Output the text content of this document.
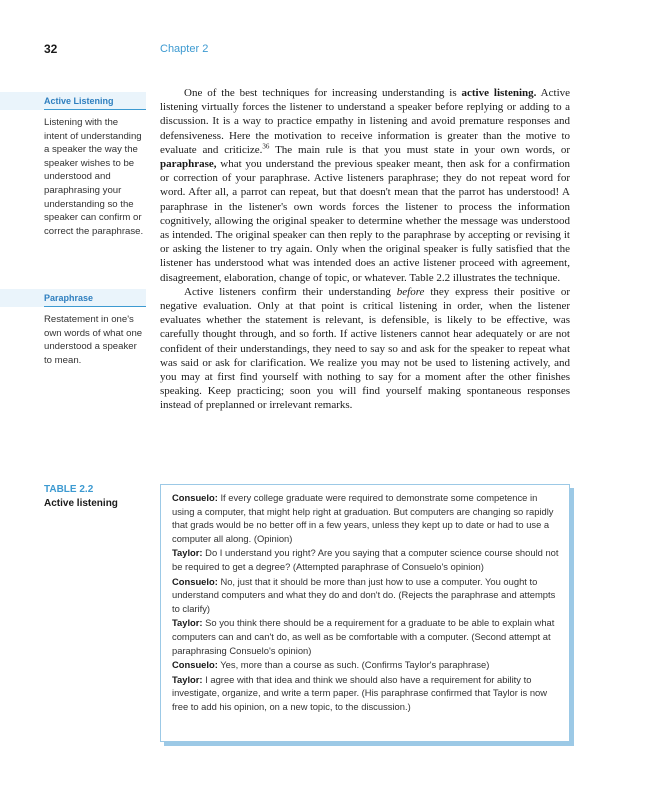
32	Chapter 2
Active Listening
Listening with the intent of understanding a speaker the way the speaker wishes to be understood and paraphrasing your understanding so the speaker can confirm or correct the paraphrase.
Paraphrase
Restatement in one's own words of what one understood a speaker to mean.

One of the best techniques for increasing understanding is active listening. Active listening virtually forces the listener to understand a speaker before replying or adding to a discussion. It is a way to practice empathy in listening and avoid premature responses and defensiveness. Here the motivation to receive information is greater than the motive to evaluate and criticize.$^{36}$ The main rule is that you must state in your own words, or paraphrase, what you understand the previous speaker meant, then ask for a confirmation or correction of your paraphrase. Active listeners paraphrase; they do not repeat word for word. After all, a parrot can repeat, but that doesn't mean that the parrot has understood! A paraphrase in the listener's own words forces the listener to process the information cognitively, allowing the original speaker to determine whether the message was understood as intended. The original speaker can then reply to the paraphrase by accepting or revising it or asking the listener to try again. Only when the original speaker is fully satisfied that the listener has understood what was intended does an active listener proceed with agreement, disagreement, elaboration, change of topic, or whatever. Table 2.2 illustrates the technique.

Active listeners confirm their understanding before they express their positive or negative evaluation. Only at that point is critical listening in order, when the listener evaluates whether the statement is relevant, is defensible, is likely to be effective, was carefully thought through, and so forth. If active listeners cannot hear adequately or are not confident of their understandings, they need to say so and ask for the speaker to repeat what was said or ask for clarification. We realize you may not be used to listening actively, and you may at first find yourself with nothing to say for a moment after the other finishes speaking. Keep practicing; soon you will find yourself making spontaneous responses instead of preplanned or irrelevant remarks.

TABLE 2.2
Active listening
Consuelo: If every college graduate were required to demonstrate some competence in using a computer, that might help right at graduation. But computers are changing so rapidly that grads would be no better off in a few years, unless they kept up to date or had to use a computer all along. (Opinion)
Taylor: Do I understand you right? Are you saying that a computer science course should not be required to get a degree? (Attempted paraphrase of Consuelo's opinion)
Consuelo: No, just that it should be more than just how to use a computer. You ought to understand computers and what they do and don't do. (Rejects the paraphrase and attempts to clarify)
Taylor: So you think there should be a requirement for a graduate to be able to explain what computers can and can't do, as well as be comfortable with a computer. (Second attempt at paraphrasing Consuelo's opinion)
Consuelo: Yes, more than a course as such. (Confirms Taylor's paraphrase)
Taylor: I agree with that idea and think we should also have a requirement for ability to investigate, organize, and write a term paper. (His paraphrase confirmed that Taylor is now free to add his opinion, on a new topic, to the discussion.)
